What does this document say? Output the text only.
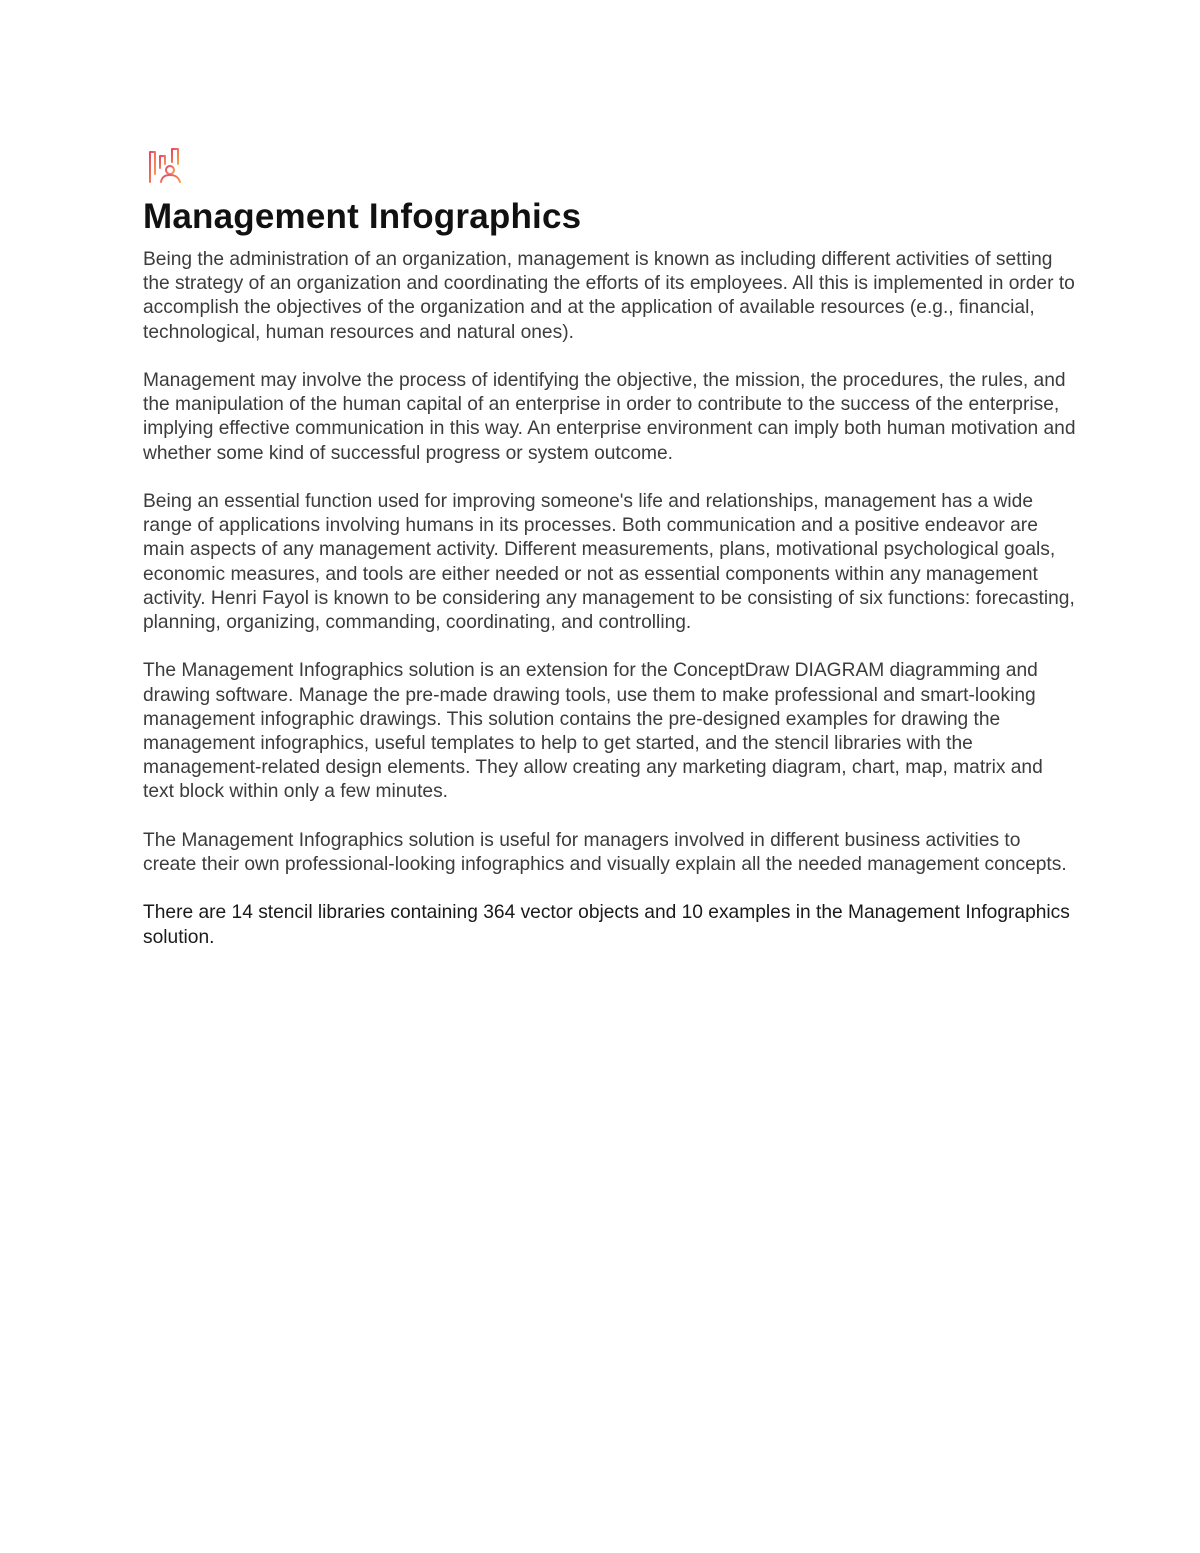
Management Infographics

Being the administration of an organization, management is known as including different activities of setting the strategy of an organization and coordinating the efforts of its employees. All this is implemented in order to accomplish the objectives of the organization and at the application of available resources (e.g., financial, technological, human resources and natural ones).

Management may involve the process of identifying the objective, the mission, the procedures, the rules, and the manipulation of the human capital of an enterprise in order to contribute to the success of the enterprise, implying effective communication in this way. An enterprise environment can imply both human motivation and whether some kind of successful progress or system outcome.

Being an essential function used for improving someone's life and relationships, management has a wide range of applications involving humans in its processes. Both communication and a positive endeavor are main aspects of any management activity. Different measurements, plans, motivational psychological goals, economic measures, and tools are either needed or not as essential components within any management activity. Henri Fayol is known to be considering any management to be consisting of six functions: forecasting, planning, organizing, commanding, coordinating, and controlling.

The Management Infographics solution is an extension for the ConceptDraw DIAGRAM diagramming and drawing software. Manage the pre-made drawing tools, use them to make professional and smart-looking management infographic drawings. This solution contains the pre-designed examples for drawing the management infographics, useful templates to help to get started, and the stencil libraries with the management-related design elements. They allow creating any marketing diagram, chart, map, matrix and text block within only a few minutes.

The Management Infographics solution is useful for managers involved in different business activities to create their own professional-looking infographics and visually explain all the needed management concepts.

There are 14 stencil libraries containing 364 vector objects and 10 examples in the Management Infographics solution.
